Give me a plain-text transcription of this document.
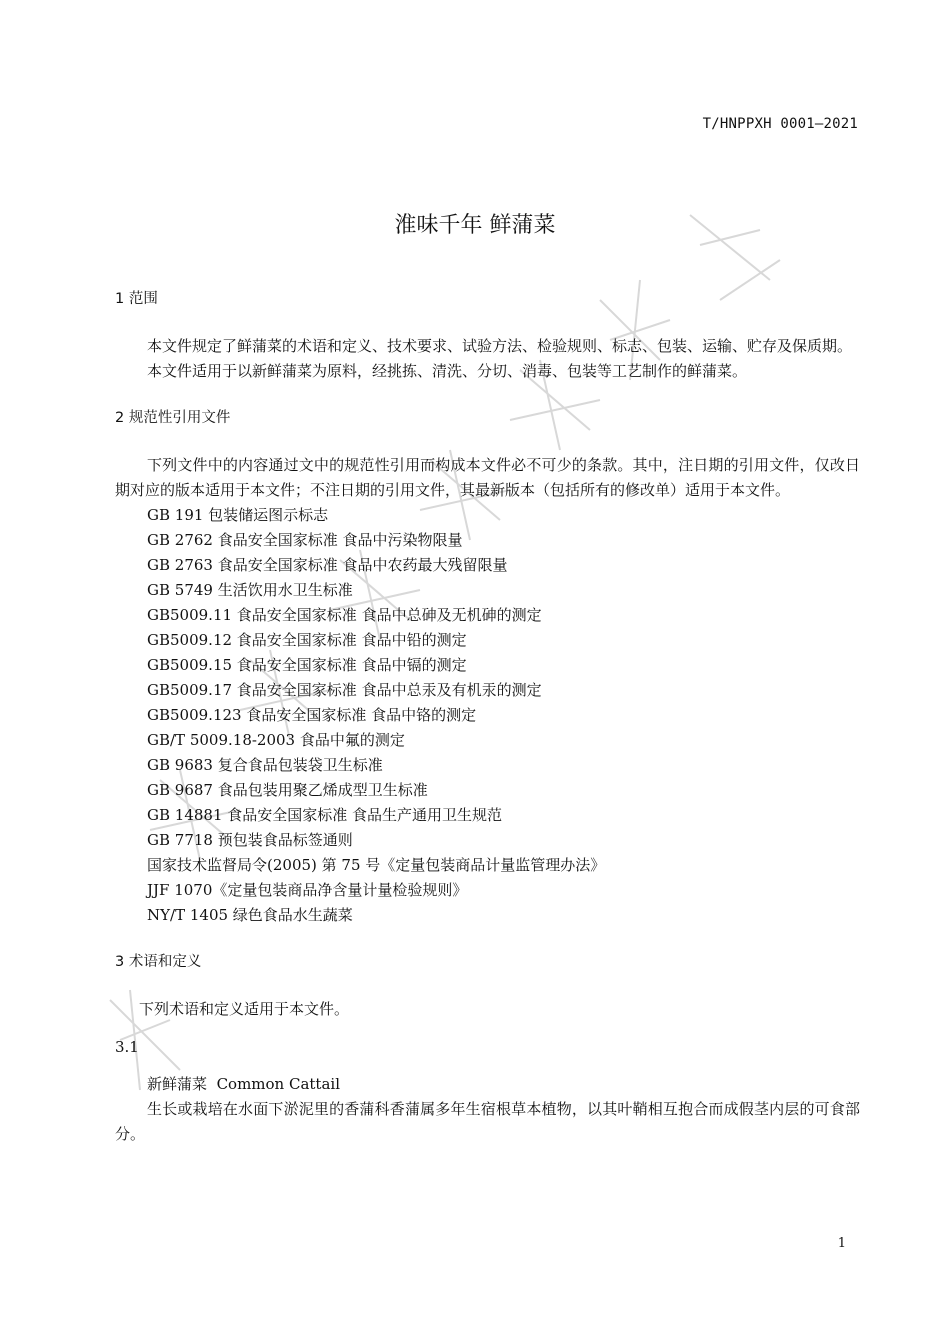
T/HNPPXH 0001—2021
淮味千年 鲜蒲菜

1 范围

本文件规定了鲜蒲菜的术语和定义、技术要求、试验方法、检验规则、标志、包装、运输、贮存及保质期。

本文件适用于以新鲜蒲菜为原料，经挑拣、清洗、分切、消毒、包装等工艺制作的鲜蒲菜。

2 规范性引用文件

下列文件中的内容通过文中的规范性引用而构成本文件必不可少的条款。其中，注日期的引用文件，仅改日期对应的版本适用于本文件；不注日期的引用文件，其最新版本（包括所有的修改单）适用于本文件。

GB 191 包装储运图示标志

GB 2762 食品安全国家标准 食品中污染物限量

GB 2763 食品安全国家标准 食品中农药最大残留限量

GB 5749 生活饮用水卫生标准

GB5009.11 食品安全国家标准 食品中总砷及无机砷的测定

GB5009.12 食品安全国家标准 食品中铅的测定

GB5009.15 食品安全国家标准 食品中镉的测定

GB5009.17 食品安全国家标准 食品中总汞及有机汞的测定

GB5009.123 食品安全国家标准 食品中铬的测定

GB/T 5009.18-2003 食品中氟的测定

GB 9683 复合食品包装袋卫生标准

GB 9687 食品包装用聚乙烯成型卫生标准

GB 14881 食品安全国家标准 食品生产通用卫生规范

GB 7718 预包装食品标签通则

国家技术监督局令(2005) 第 75 号《定量包装商品计量监管理办法》

JJF 1070《定量包装商品净含量计量检验规则》

NY/T 1405 绿色食品水生蔬菜

3 术语和定义

下列术语和定义适用于本文件。

3.1

新鲜蒲菜 Common Cattail

生长或栽培在水面下淤泥里的香蒲科香蒲属多年生宿根草本植物，以其叶鞘相互抱合而成假茎内层的可食部分。

1
